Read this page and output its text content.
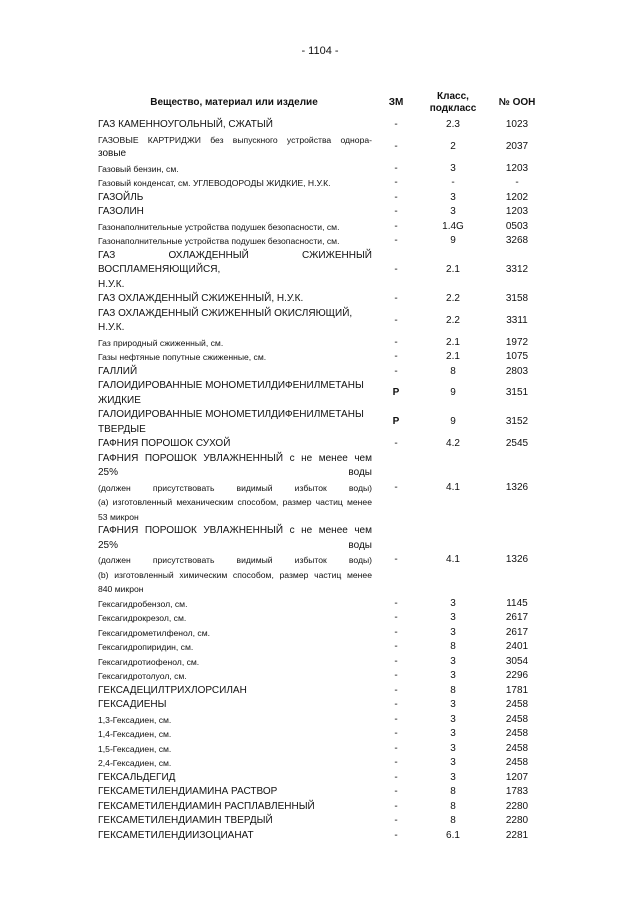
- 1104 -
Вещество, материал или изделие	ЗМ	Класс, подкласс	№ ООН

ГАЗ КАМЕННОУГОЛЬНЫЙ, СЖАТЫЙ	-	2.3	1023

ГАЗОВЫЕ КАРТРИДЖИ без выпускного устройства однора-
зовые	-	2	2037

Газовый бензин, см.	-	3	1203

Газовый конденсат, см. УГЛЕВОДОРОДЫ ЖИДКИЕ, Н.У.К.	-	-	-

ГАЗОЙЛЬ	-	3	1202

ГАЗОЛИН	-	3	1203

Газонаполнительные устройства подушек безопасности, см.	-	1.4G	0503

Газонаполнительные устройства подушек безопасности, см.	-	9	3268

ГАЗ ОХЛАЖДЕННЫЙ СЖИЖЕННЫЙ ВОСПЛАМЕНЯЮЩИЙСЯ,
Н.У.К.	-	2.1	3312

ГАЗ ОХЛАЖДЕННЫЙ СЖИЖЕННЫЙ, Н.У.К.	-	2.2	3158

ГАЗ ОХЛАЖДЕННЫЙ СЖИЖЕННЫЙ ОКИСЛЯЮЩИЙ, Н.У.К.	-	2.2	3311

Газ природный сжиженный, см.	-	2.1	1972

Газы нефтяные попутные сжиженные, см.	-	2.1	1075

ГАЛЛИЙ	-	8	2803

ГАЛОИДИРОВАННЫЕ МОНОМЕТИЛДИФЕНИЛМЕТАНЫ
ЖИДКИЕ	P	9	3151

ГАЛОИДИРОВАННЫЕ МОНОМЕТИЛДИФЕНИЛМЕТАНЫ
ТВЕРДЫЕ	P	9	3152

ГАФНИЯ ПОРОШОК СУХОЙ	-	4.2	2545

ГАФНИЯ ПОРОШОК УВЛАЖНЕННЫЙ с не менее чем 25% воды
(должен присутствовать видимый избыток воды)
(а) изготовленный механическим способом, размер частиц менее
53 микрон	-	4.1	1326

ГАФНИЯ ПОРОШОК УВЛАЖНЕННЫЙ с не менее чем 25% воды
(должен присутствовать видимый избыток воды)
(b) изготовленный химическим способом, размер частиц менее
840 микрон	-	4.1	1326

Гексагидробензол, см.	-	3	1145

Гексагидрокрезол, см.	-	3	2617

Гексагидрометилфенол, см.	-	3	2617

Гексагидропиридин, см.	-	8	2401

Гексагидротиофенол, см.	-	3	3054

Гексагидротолуол, см.	-	3	2296

ГЕКСАДЕЦИЛТРИХЛОРСИЛАН	-	8	1781

ГЕКСАДИЕНЫ	-	3	2458

1,3-Гексадиен, см.	-	3	2458

1,4-Гексадиен, см.	-	3	2458

1,5-Гексадиен, см.	-	3	2458

2,4-Гексадиен, см.	-	3	2458

ГЕКСАЛЬДЕГИД	-	3	1207

ГЕКСАМЕТИЛЕНДИАМИНА РАСТВОР	-	8	1783

ГЕКСАМЕТИЛЕНДИАМИН РАСПЛАВЛЕННЫЙ	-	8	2280

ГЕКСАМЕТИЛЕНДИАМИН ТВЕРДЫЙ	-	8	2280

ГЕКСАМЕТИЛЕНДИИЗОЦИАНАТ	-	6.1	2281
